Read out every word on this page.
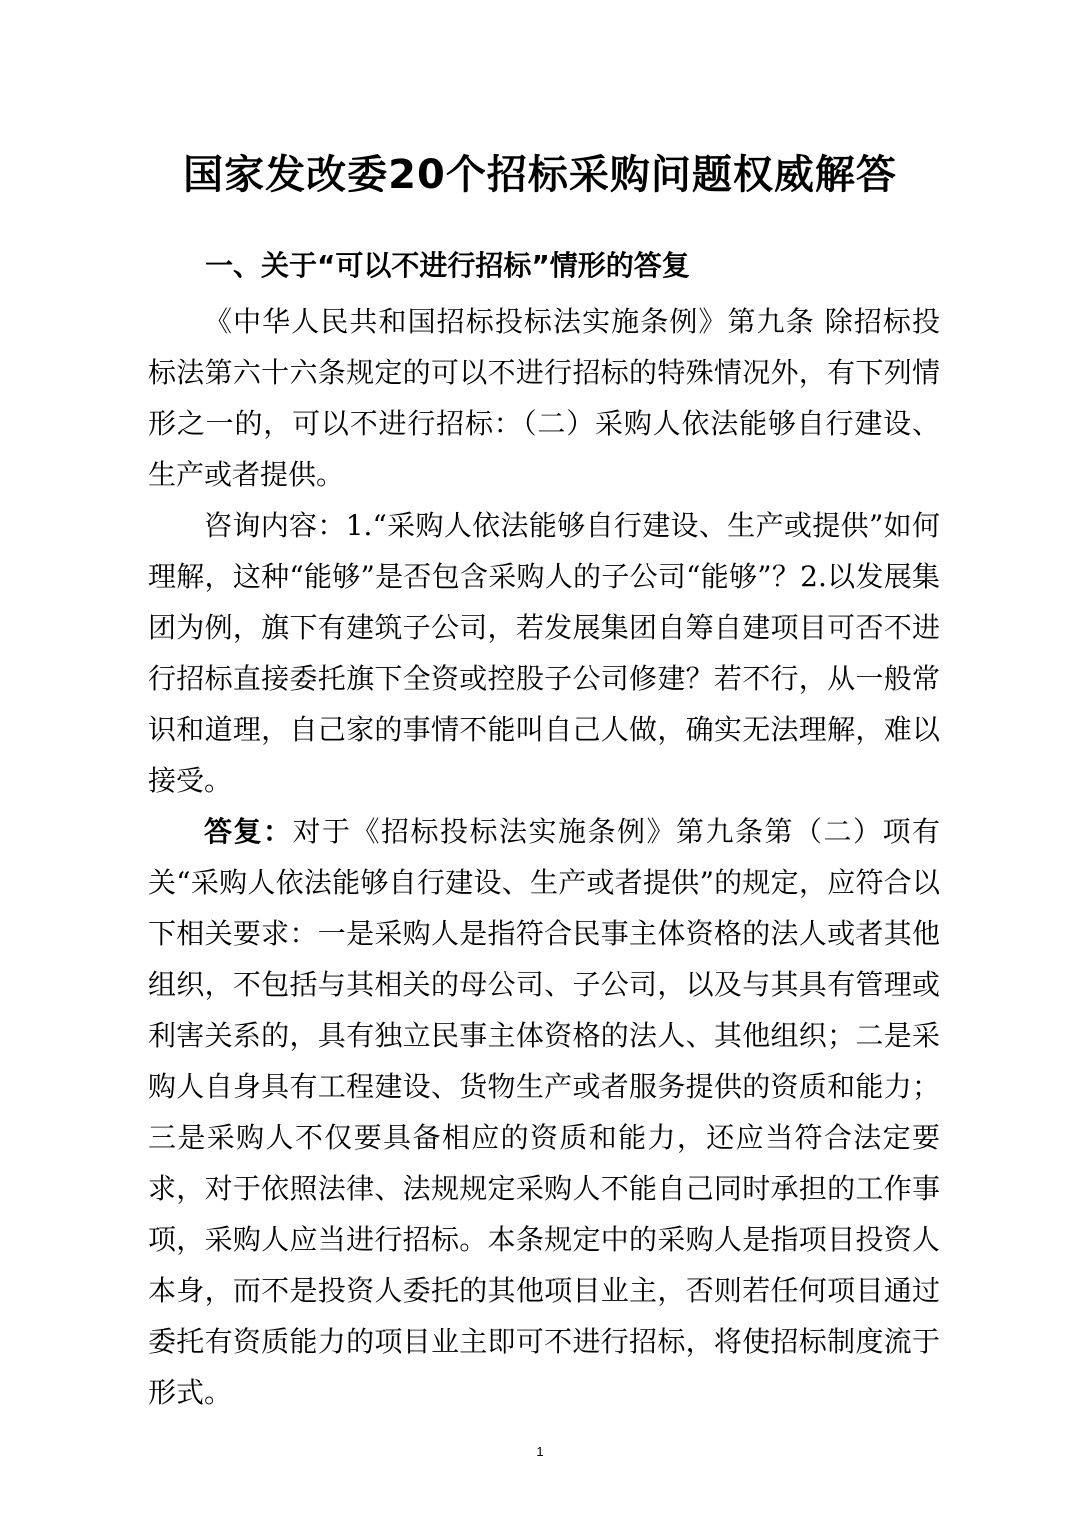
国家发改委20个招标采购问题权威解答
一、关于“可以不进行招标”情形的答复

《中华人民共和国招标投标法实施条例》第九条 除招标投标法第六十六条规定的可以不进行招标的特殊情况外，有下列情形之一的，可以不进行招标：（二）采购人依法能够自行建设、生产或者提供。

咨询内容：1.“采购人依法能够自行建设、生产或提供”如何理解，这种“能够”是否包含采购人的子公司“能够”？2.以发展集团为例，旗下有建筑子公司，若发展集团自筹自建项目可否不进行招标直接委托旗下全资或控股子公司修建？若不行，从一般常识和道理，自己家的事情不能叫自己人做，确实无法理解，难以接受。

答复：对于《招标投标法实施条例》第九条第（二）项有关“采购人依法能够自行建设、生产或者提供”的规定，应符合以下相关要求：一是采购人是指符合民事主体资格的法人或者其他组织，不包括与其相关的母公司、子公司，以及与其具有管理或利害关系的，具有独立民事主体资格的法人、其他组织；二是采购人自身具有工程建设、货物生产或者服务提供的资质和能力；三是采购人不仅要具备相应的资质和能力，还应当符合法定要求，对于依照法律、法规规定采购人不能自己同时承担的工作事项，采购人应当进行招标。本条规定中的采购人是指项目投资人本身，而不是投资人委托的其他项目业主，否则若任何项目通过委托有资质能力的项目业主即可不进行招标，将使招标制度流于形式。

1
